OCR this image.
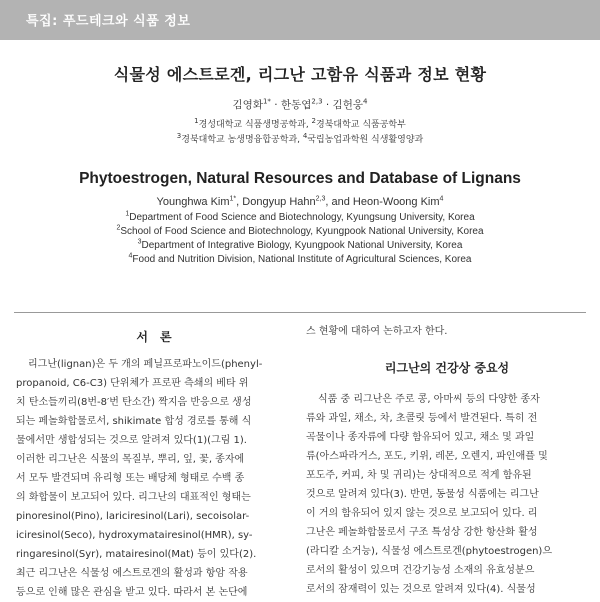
특집: 푸드테크와 식품 정보
식물성 에스트로겐, 리그난 고함유 식품과 정보 현황
김영화$^{1*}$ · 한동엽$^{2,3}$ · 김헌웅$^4$
$^1$경성대학교 식품생명공학과, $^2$경북대학교 식품공학부
$^3$경북대학교 농생명융합공학과, $^4$국립농업과학원 식생활영양과
Phytoestrogen, Natural Resources and Database of Lignans
Younghwa Kim$^{1*}$, Dongyup Hahn$^{2,3}$, and Heon-Woong Kim$^4$
$^1$Department of Food Science and Biotechnology, Kyungsung University, Korea
$^2$School of Food Science and Biotechnology, Kyungpook National University, Korea
$^3$Department of Integrative Biology, Kyungpook National University, Korea
$^4$Food and Nutrition Division, National Institute of Agricultural Sciences, Korea
서론

리그난(lignan)은 두 개의 페닐프로파노이드(phenyl-

propanoid, C6-C3) 단위체가 프로판 측쇄의 베타 위

치 탄소들끼리(8번-8′번 탄소간) 짝지음 반응으로 생성

되는 페놀화합물로서, shikimate 합성 경로를 통해 식

물에서만 생합성되는 것으로 알려져 있다(1)(그림 1).

이러한 리그난은 식물의 목질부, 뿌리, 잎, 꽃, 종자에

서 모두 발견되며 유리형 또는 배당체 형태로 수백 종

의 화합물이 보고되어 있다. 리그난의 대표적인 형태는

pinoresinol(Pino), lariciresinol(Lari), secoisolar-

iciresinol(Seco), hydroxymatairesinol(HMR), sy-

ringaresinol(Syr), matairesinol(Mat) 등이 있다(2).

최근 리그난은 식물성 에스트로겐의 활성과 항암 작용

등으로 인해 많은 관심을 받고 있다. 따라서 본 논단에

스 현황에 대하여 논하고자 한다.

리그난의 건강상 중요성

식품 중 리그난은 주로 콩, 아마씨 등의 다양한 종자

류와 과일, 채소, 차, 초콜릿 등에서 발견된다. 특히 전

곡물이나 종자류에 다량 함유되어 있고, 채소 및 과일

류(아스파라거스, 포도, 키위, 레몬, 오렌지, 파인애플 및

포도주, 커피, 차 및 귀리)는 상대적으로 적게 함유된

것으로 알려져 있다(3). 반면, 동물성 식품에는 리그난

이 거의 함유되어 있지 않는 것으로 보고되어 있다. 리

그난은 페놀화합물로서 구조 특성상 강한 항산화 활성

(라디칼 소거능), 식물성 에스트로겐(phytoestrogen)으

로서의 활성이 있으며 건강기능성 소재의 유효성분으

로서의 잠재력이 있는 것으로 알려져 있다(4). 식물성
